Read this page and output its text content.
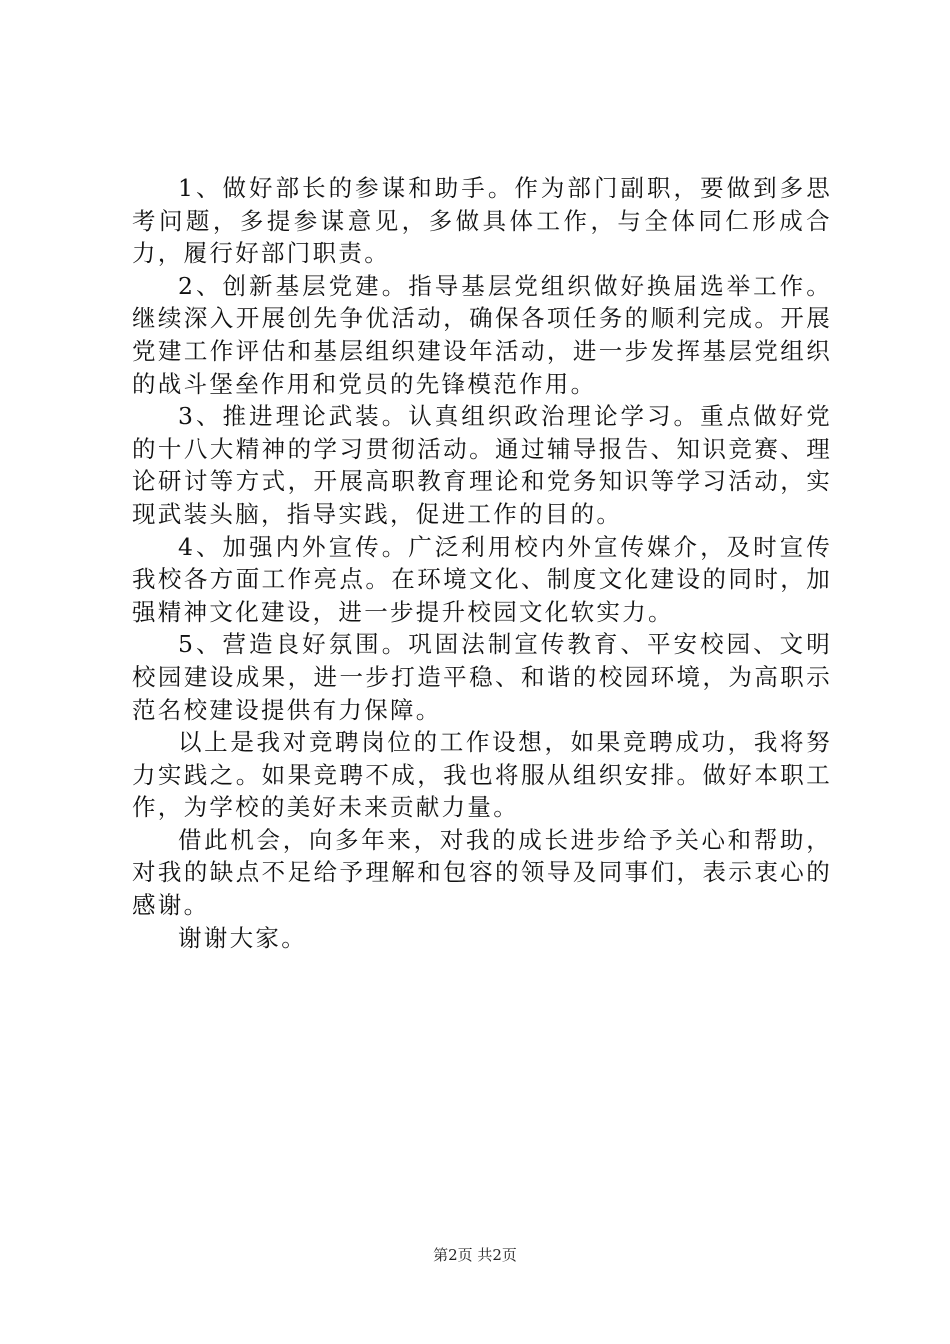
1、做好部长的参谋和助手。作为部门副职，要做到多思考问题，多提参谋意见，多做具体工作，与全体同仁形成合力，履行好部门职责。

2、创新基层党建。指导基层党组织做好换届选举工作。继续深入开展创先争优活动，确保各项任务的顺利完成。开展党建工作评估和基层组织建设年活动，进一步发挥基层党组织的战斗堡垒作用和党员的先锋模范作用。

3、推进理论武装。认真组织政治理论学习。重点做好党的十八大精神的学习贯彻活动。通过辅导报告、知识竞赛、理论研讨等方式，开展高职教育理论和党务知识等学习活动，实现武装头脑，指导实践，促进工作的目的。

4、加强内外宣传。广泛利用校内外宣传媒介，及时宣传我校各方面工作亮点。在环境文化、制度文化建设的同时，加强精神文化建设，进一步提升校园文化软实力。

5、营造良好氛围。巩固法制宣传教育、平安校园、文明校园建设成果，进一步打造平稳、和谐的校园环境，为高职示范名校建设提供有力保障。

以上是我对竞聘岗位的工作设想，如果竞聘成功，我将努力实践之。如果竞聘不成，我也将服从组织安排。做好本职工作，为学校的美好未来贡献力量。

借此机会，向多年来，对我的成长进步给予关心和帮助，对我的缺点不足给予理解和包容的领导及同事们，表示衷心的感谢。

谢谢大家。

第2页 共2页
